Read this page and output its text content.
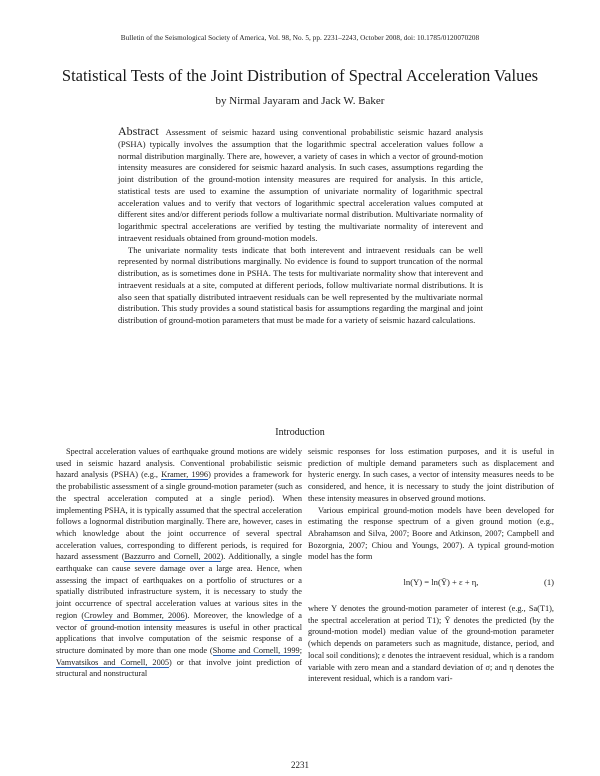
Bulletin of the Seismological Society of America, Vol. 98, No. 5, pp. 2231–2243, October 2008, doi: 10.1785/0120070208
Statistical Tests of the Joint Distribution of Spectral Acceleration Values
by Nirmal Jayaram and Jack W. Baker

Abstract Assessment of seismic hazard using conventional probabilistic seismic hazard analysis (PSHA) typically involves the assumption that the logarithmic spectral acceleration values follow a normal distribution marginally. There are, however, a variety of cases in which a vector of ground-motion intensity measures are considered for seismic hazard analysis. In such cases, assumptions regarding the joint distribution of the ground-motion intensity measures are required for analysis. In this article, statistical tests are used to examine the assumption of univariate normality of logarithmic spectral acceleration values and to verify that vectors of logarithmic spectral acceleration values computed at different sites and/or different periods follow a multivariate normal distribution. Multivariate normality of logarithmic spectral accelerations are verified by testing the multivariate normality of interevent and intraevent residuals obtained from ground-motion models.

The univariate normality tests indicate that both interevent and intraevent residuals can be well represented by normal distributions marginally. No evidence is found to support truncation of the normal distribution, as is sometimes done in PSHA. The tests for multivariate normality show that interevent and intraevent residuals at a site, computed at different periods, follow multivariate normal distributions. It is also seen that spatially distributed intraevent residuals can be well represented by the multivariate normal distribution. This study provides a sound statistical basis for assumptions regarding the marginal and joint distribution of ground-motion parameters that must be made for a variety of seismic hazard calculations.

Introduction

Spectral acceleration values of earthquake ground motions are widely used in seismic hazard analysis. Conventional probabilistic seismic hazard analysis (PSHA) (e.g., Kramer, 1996) provides a framework for the probabilistic assessment of a single ground-motion parameter (such as the spectral acceleration computed at a single period). When implementing PSHA, it is typically assumed that the spectral acceleration follows a lognormal distribution marginally. There are, however, cases in which knowledge about the joint occurrence of several spectral acceleration values, corresponding to different periods, is required for hazard assessment (Bazzurro and Cornell, 2002). Additionally, a single earthquake can cause severe damage over a large area. Hence, when assessing the impact of earthquakes on a portfolio of structures or a spatially distributed infrastructure system, it is necessary to study the joint occurrence of spectral acceleration values at various sites in the region (Crowley and Bommer, 2006). Moreover, the knowledge of a vector of ground-motion intensity measures is useful in other practical applications that involve computation of the seismic response of a structure dominated by more than one mode (Shome and Cornell, 1999; Vamvatsikos and Cornell, 2005) or that involve joint prediction of structural and nonstructural

seismic responses for loss estimation purposes, and it is useful in prediction of multiple demand parameters such as displacement and hysteric energy. In such cases, a vector of intensity measures needs to be considered, and hence, it is necessary to study the joint distribution of these intensity measures in observed ground motions.

Various empirical ground-motion models have been developed for estimating the response spectrum of a given ground motion (e.g., Abrahamson and Silva, 2007; Boore and Atkinson, 2007; Campbell and Bozorgnia, 2007; Chiou and Youngs, 2007). A typical ground-motion model has the form

ln(Y) = ln(Ȳ) + ε + η,	(1)

where Y denotes the ground-motion parameter of interest (e.g., Sa(T1), the spectral acceleration at period T1); Ȳ denotes the predicted (by the ground-motion model) median value of the ground-motion parameter (which depends on parameters such as magnitude, distance, period, and local soil conditions); ε denotes the intraevent residual, which is a random variable with zero mean and a standard deviation of σ; and η denotes the interevent residual, which is a random vari-

2231
